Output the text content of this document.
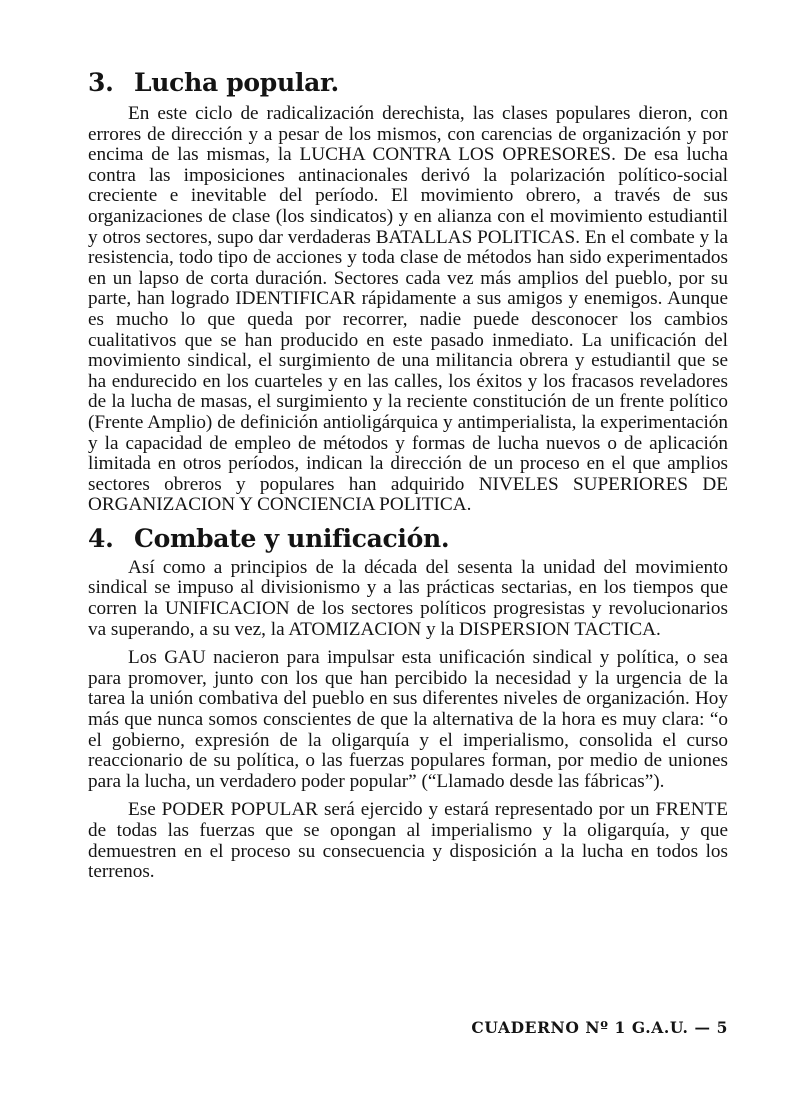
3. Lucha popular.

En este ciclo de radicalización derechista, las clases populares dieron, con errores de dirección y a pesar de los mismos, con carencias de organización y por encima de las mismas, la LUCHA CONTRA LOS OPRESORES. De esa lucha contra las imposiciones antinacionales derivó la polarización político-social creciente e inevitable del período. El movimiento obrero, a través de sus organizaciones de clase (los sindicatos) y en alianza con el movimiento estudiantil y otros sectores, supo dar verdaderas BATALLAS POLITICAS. En el combate y la resistencia, todo tipo de acciones y toda clase de métodos han sido experimentados en un lapso de corta duración. Sectores cada vez más amplios del pueblo, por su parte, han logrado IDENTIFICAR rápidamente a sus amigos y enemigos. Aunque es mucho lo que queda por recorrer, nadie puede desconocer los cambios cualitativos que se han producido en este pasado inmediato. La unificación del movimiento sindical, el surgimiento de una militancia obrera y estudiantil que se ha endurecido en los cuarteles y en las calles, los éxitos y los fracasos reveladores de la lucha de masas, el surgimiento y la reciente constitución de un frente político (Frente Amplio) de definición antioligárquica y antimperialista, la experimentación y la capacidad de empleo de métodos y formas de lucha nuevos o de aplicación limitada en otros períodos, indican la dirección de un proceso en el que amplios sectores obreros y populares han adquirido NIVELES SUPERIORES DE ORGANIZACION Y CONCIENCIA POLITICA.

4. Combate y unificación.

Así como a principios de la década del sesenta la unidad del movimiento sindical se impuso al divisionismo y a las prácticas sectarias, en los tiempos que corren la UNIFICACION de los sectores políticos progresistas y revolucionarios va superando, a su vez, la ATOMIZACION y la DISPERSION TACTICA.

Los GAU nacieron para impulsar esta unificación sindical y política, o sea para promover, junto con los que han percibido la necesidad y la urgencia de la tarea la unión combativa del pueblo en sus diferentes niveles de organización. Hoy más que nunca somos conscientes de que la alternativa de la hora es muy clara: “o el gobierno, expresión de la oligarquía y el imperialismo, consolida el curso reaccionario de su política, o las fuerzas populares forman, por medio de uniones para la lucha, un verdadero poder popular” (“Llamado desde las fábricas”).

Ese PODER POPULAR será ejercido y estará representado por un FRENTE de todas las fuerzas que se opongan al imperialismo y la oligarquía, y que demuestren en el proceso su consecuencia y disposición a la lucha en todos los terrenos.

CUADERNO Nº 1 G.A.U. — 5
